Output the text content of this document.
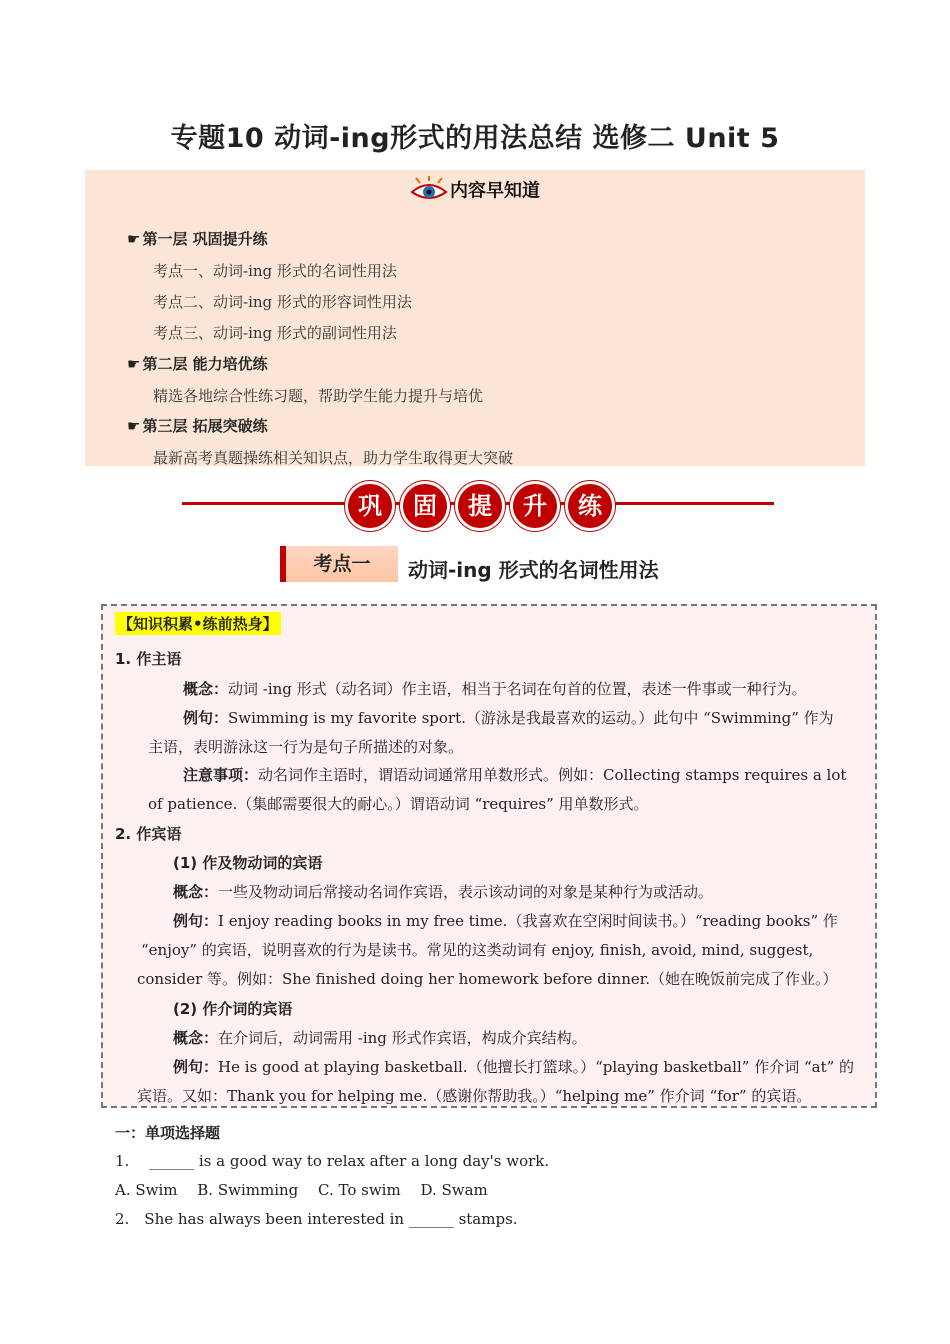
专题10 动词-ing形式的用法总结 选修二 Unit 5
内容早知道
☛ 第一层 巩固提升练
考点一、动词-ing 形式的名词性用法
考点二、动词-ing 形式的形容词性用法
考点三、动词-ing 形式的副词性用法
☛ 第二层 能力培优练
精选各地综合性练习题，帮助学生能力提升与培优
☛ 第三层 拓展突破练
最新高考真题操练相关知识点，助力学生取得更大突破
巩	固	提	升	练
考点一	动词-ing 形式的名词性用法
【知识积累•练前热身】
1. 作主语
概念：动词 -ing 形式（动名词）作主语，相当于名词在句首的位置，表述一件事或一种行为。
例句：Swimming is my favorite sport.（游泳是我最喜欢的运动。）此句中 “Swimming” 作为
主语，表明游泳这一行为是句子所描述的对象。
注意事项：动名词作主语时，谓语动词通常用单数形式。例如：Collecting stamps requires a lot
of patience.（集邮需要很大的耐心。）谓语动词 “requires” 用单数形式。
2. 作宾语
(1) 作及物动词的宾语
概念：一些及物动词后常接动名词作宾语，表示该动词的对象是某种行为或活动。
例句：I enjoy reading books in my free time.（我喜欢在空闲时间读书。）“reading books” 作
“enjoy” 的宾语，说明喜欢的行为是读书。常见的这类动词有 enjoy, finish, avoid, mind, suggest,
consider 等。例如：She finished doing her homework before dinner.（她在晚饭前完成了作业。）
(2) 作介词的宾语
概念：在介词后，动词需用 -ing 形式作宾语，构成介宾结构。
例句：He is good at playing basketball.（他擅长打篮球。）“playing basketball” 作介词 “at” 的
宾语。又如：Thank you for helping me.（感谢你帮助我。）“helping me” 作介词 “for” 的宾语。
一：单项选择题
1.　 ______ is a good way to relax after a long day's work.
A. Swim　 B. Swimming　 C. To swim　 D. Swam
2.　She has always been interested in ______ stamps.
